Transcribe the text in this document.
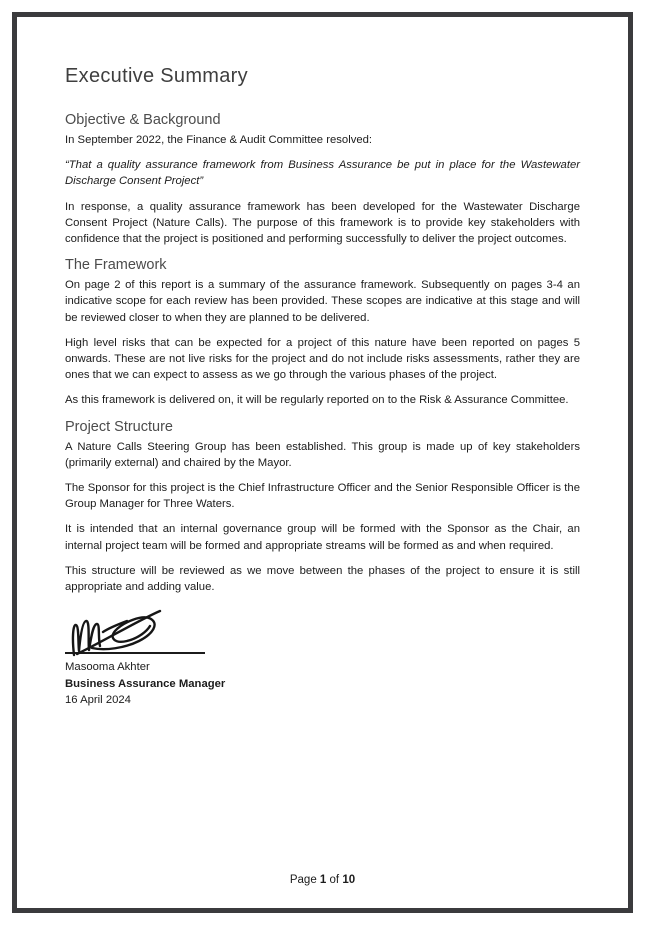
Executive Summary
Objective & Background

In September 2022, the Finance & Audit Committee resolved:

“That a quality assurance framework from Business Assurance be put in place for the Wastewater Discharge Consent Project”

In response, a quality assurance framework has been developed for the Wastewater Discharge Consent Project (Nature Calls). The purpose of this framework is to provide key stakeholders with confidence that the project is positioned and performing successfully to deliver the project outcomes.

The Framework

On page 2 of this report is a summary of the assurance framework. Subsequently on pages 3-4 an indicative scope for each review has been provided. These scopes are indicative at this stage and will be reviewed closer to when they are planned to be delivered.

High level risks that can be expected for a project of this nature have been reported on pages 5 onwards. These are not live risks for the project and do not include risks assessments, rather they are ones that we can expect to assess as we go through the various phases of the project.

As this framework is delivered on, it will be regularly reported on to the Risk & Assurance Committee.

Project Structure

A Nature Calls Steering Group has been established. This group is made up of key stakeholders (primarily external) and chaired by the Mayor.

The Sponsor for this project is the Chief Infrastructure Officer and the Senior Responsible Officer is the Group Manager for Three Waters.

It is intended that an internal governance group will be formed with the Sponsor as the Chair, an internal project team will be formed and appropriate streams will be formed as and when required.

This structure will be reviewed as we move between the phases of the project to ensure it is still appropriate and adding value.

Masooma Akhter
Business Assurance Manager
16 April 2024
Page 1 of 10
